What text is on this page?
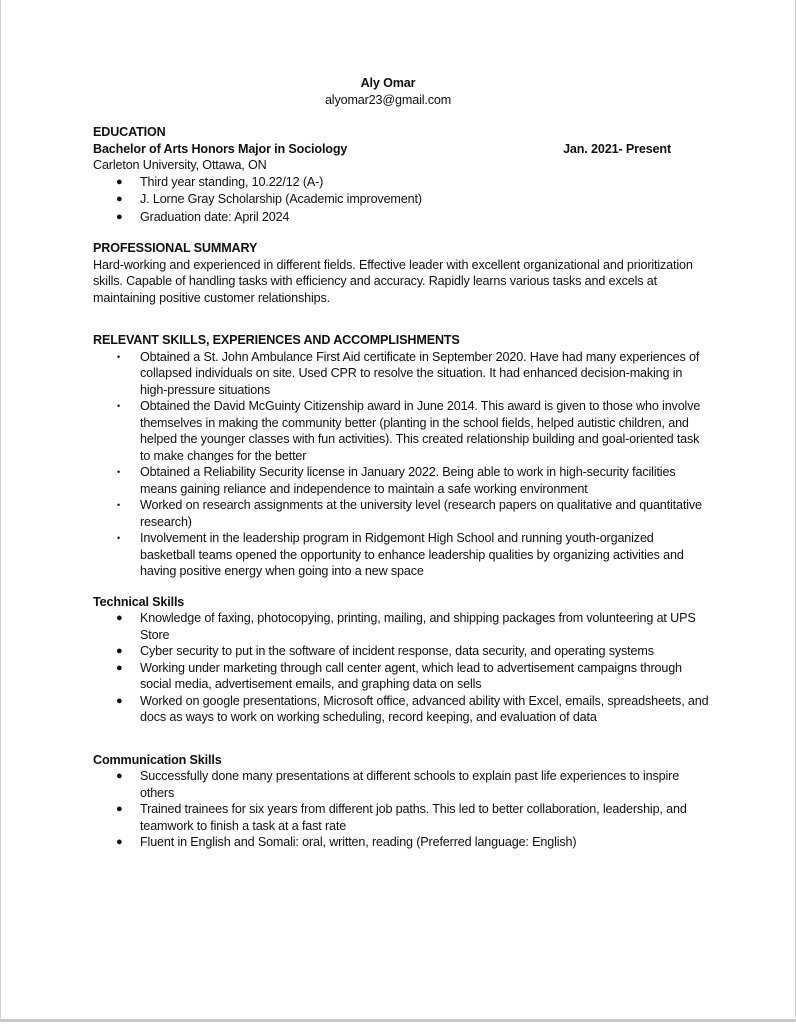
Aly Omar
alyomar23@gmail.com
EDUCATION
Bachelor of Arts Honors Major in Sociology	Jan. 2021- Present
Carleton University, Ottawa, ON
● Third year standing, 10.22/12 (A-)
● J. Lorne Gray Scholarship (Academic improvement)
● Graduation date: April 2024
PROFESSIONAL SUMMARY
Hard-working and experienced in different fields. Effective leader with excellent organizational and prioritization skills. Capable of handling tasks with efficiency and accuracy. Rapidly learns various tasks and excels at maintaining positive customer relationships.
RELEVANT SKILLS, EXPERIENCES AND ACCOMPLISHMENTS
• Obtained a St. John Ambulance First Aid certificate in September 2020. Have had many experiences of collapsed individuals on site. Used CPR to resolve the situation. It had enhanced decision-making in high-pressure situations
• Obtained the David McGuinty Citizenship award in June 2014. This award is given to those who involve themselves in making the community better (planting in the school fields, helped autistic children, and helped the younger classes with fun activities). This created relationship building and goal-oriented task to make changes for the better
• Obtained a Reliability Security license in January 2022. Being able to work in high-security facilities means gaining reliance and independence to maintain a safe working environment
• Worked on research assignments at the university level (research papers on qualitative and quantitative research)
• Involvement in the leadership program in Ridgemont High School and running youth-organized basketball teams opened the opportunity to enhance leadership qualities by organizing activities and having positive energy when going into a new space
Technical Skills
● Knowledge of faxing, photocopying, printing, mailing, and shipping packages from volunteering at UPS Store
● Cyber security to put in the software of incident response, data security, and operating systems
● Working under marketing through call center agent, which lead to advertisement campaigns through social media, advertisement emails, and graphing data on sells
● Worked on google presentations, Microsoft office, advanced ability with Excel, emails, spreadsheets, and docs as ways to work on working scheduling, record keeping, and evaluation of data
Communication Skills
● Successfully done many presentations at different schools to explain past life experiences to inspire others
● Trained trainees for six years from different job paths. This led to better collaboration, leadership, and teamwork to finish a task at a fast rate
● Fluent in English and Somali: oral, written, reading (Preferred language: English)
